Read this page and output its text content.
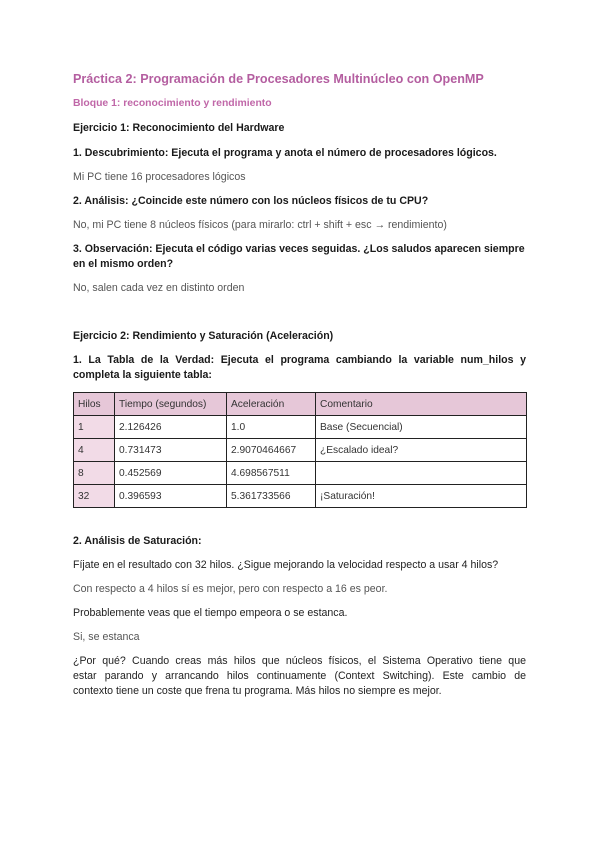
Práctica 2: Programación de Procesadores Multinúcleo con OpenMP

Bloque 1: reconocimiento y rendimiento

Ejercicio 1: Reconocimiento del Hardware

1. Descubrimiento: Ejecuta el programa y anota el número de procesadores lógicos.

Mi PC tiene 16 procesadores lógicos

2. Análisis: ¿Coincide este número con los núcleos físicos de tu CPU?

No, mi PC tiene 8 núcleos físicos (para mirarlo: ctrl + shift + esc → rendimiento)

3. Observación: Ejecuta el código varias veces seguidas. ¿Los saludos aparecen siempre

en el mismo orden?

No, salen cada vez en distinto orden

Ejercicio 2: Rendimiento y Saturación (Aceleración)

1. La Tabla de la Verdad: Ejecuta el programa cambiando la variable num_hilos y

completa la siguiente tabla:

Hilos	Tiempo (segundos)	Aceleración	Comentario
1	2.126426	1.0	Base (Secuencial)
4	0.731473	2.9070464667	¿Escalado ideal?
8	0.452569	4.698567511	
32	0.396593	5.361733566	¡Saturación!

2. Análisis de Saturación:

Fíjate en el resultado con 32 hilos. ¿Sigue mejorando la velocidad respecto a usar 4 hilos?

Con respecto a 4 hilos sí es mejor, pero con respecto a 16 es peor.

Probablemente veas que el tiempo empeora o se estanca.

Si, se estanca

¿Por qué? Cuando creas más hilos que núcleos físicos, el Sistema Operativo tiene que

estar parando y arrancando hilos continuamente (Context Switching). Este cambio de

contexto tiene un coste que frena tu programa. Más hilos no siempre es mejor.
